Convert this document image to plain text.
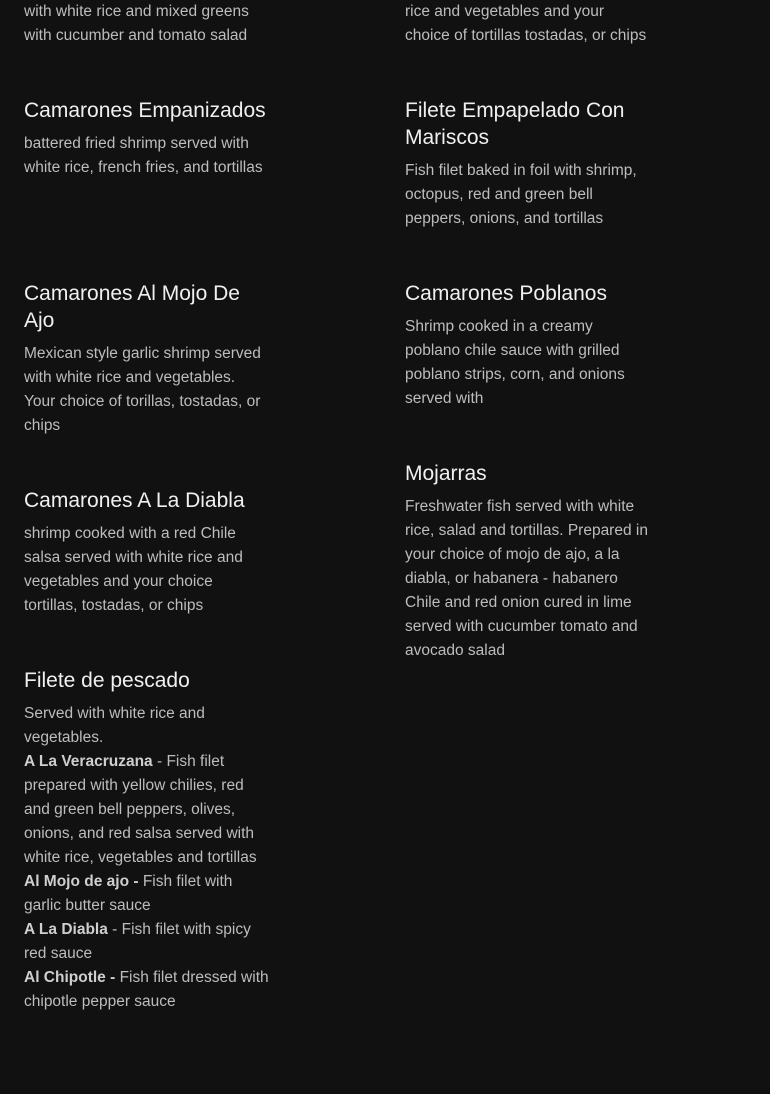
with white rice and mixed greens with cucumber and tomato salad

Camarones Empanizados

battered fried shrimp served with white rice, french fries, and tortillas

Camarones Al Mojo De Ajo

Mexican style garlic shrimp served with white rice and vegetables. Your choice of torillas, tostadas, or chips

Camarones A La Diabla

shrimp cooked with a red Chile salsa served with white rice and vegetables and your choice tortillas, tostadas, or chips

Filete de pescado

Served with white rice and vegetables.
A La Veracruzana - Fish filet prepared with yellow chilies, red and green bell peppers, olives, onions, and red salsa served with white rice, vegetables and tortillas
Al Mojo de ajo - Fish filet with garlic butter sauce
A La Diabla - Fish filet with spicy red sauce
Al Chipotle - Fish filet dressed with chipotle pepper sauce

rice and vegetables and your choice of tortillas tostadas, or chips

Filete Empapelado Con Mariscos

Fish filet baked in foil with shrimp, octopus, red and green bell peppers, onions, and tortillas

Camarones Poblanos

Shrimp cooked in a creamy poblano chile sauce with grilled poblano strips, corn, and onions served with

Mojarras

Freshwater fish served with white rice, salad and tortillas. Prepared in your choice of mojo de ajo, a la diabla, or habanera - habanero Chile and red onion cured in lime served with cucumber tomato and avocado salad
